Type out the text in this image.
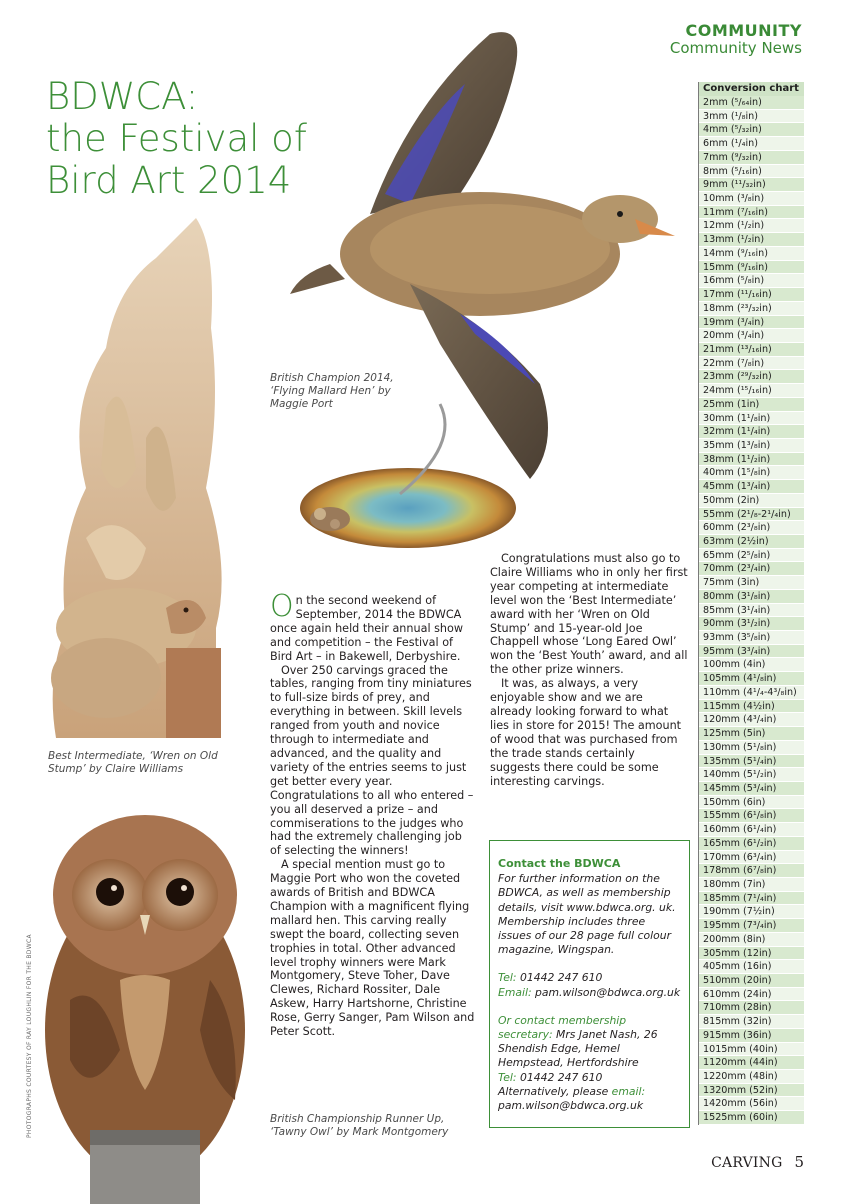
COMMUNITY
Community News
BDWCA:
the Festival of
Bird Art 2014
British Champion 2014, ‘Flying Mallard Hen’ by Maggie Port
Best Intermediate, ‘Wren on Old Stump’ by Claire Williams
British Championship Runner Up, ‘Tawny Owl’ by Mark Montgomery
PHOTOGRAPHS COURTESY OF RAY LOUGHLIN FOR THE BDWCA

On the second weekend of September, 2014 the BDWCA once again held their annual show and competition – the Festival of Bird Art – in Bakewell, Derbyshire.

Over 250 carvings graced the tables, ranging from tiny miniatures to full-size birds of prey, and everything in between. Skill levels ranged from youth and novice through to intermediate and advanced, and the quality and variety of the entries seems to just get better every year. Congratulations to all who entered – you all deserved a prize – and commiserations to the judges who had the extremely challenging job of selecting the winners!

A special mention must go to Maggie Port who won the coveted awards of British and BDWCA Champion with a magnificent flying mallard hen. This carving really swept the board, collecting seven trophies in total. Other advanced level trophy winners were Mark Montgomery, Steve Toher, Dave Clewes, Richard Rossiter, Dale Askew, Harry Hartshorne, Christine Rose, Gerry Sanger, Pam Wilson and Peter Scott.

Congratulations must also go to Claire Williams who in only her first year competing at intermediate level won the ‘Best Intermediate’ award with her ‘Wren on Old Stump’ and 15-year-old Joe Chappell whose ‘Long Eared Owl’ won the ‘Best Youth’ award, and all the other prize winners.

It was, as always, a very enjoyable show and we are already looking forward to what lies in store for 2015! The amount of wood that was purchased from the trade stands certainly suggests there could be some interesting carvings.

Contact the BDWCA
For further information on the BDWCA, as well as membership details, visit www.bdwca.org. uk. Membership includes three issues of our 28 page full colour magazine, Wingspan.
Tel: 01442 247 610
Email: pam.wilson@bdwca.org.uk
Or contact membership secretary: Mrs Janet Nash, 26 Shendish Edge, Hemel Hempstead, Hertfordshire
Tel: 01442 247 610
Alternatively, please email:
pam.wilson@bdwca.org.uk
Conversion chart
2mm (⁵/₆₄in)
3mm (¹/₈in)
4mm (⁵/₃₂in)
6mm (¹/₄in)
7mm (⁹/₃₂in)
8mm (⁵/₁₆in)
9mm (¹¹/₃₂in)
10mm (³/₈in)
11mm (⁷/₁₆in)
12mm (¹/₂in)
13mm (¹/₂in)
14mm (⁹/₁₆in)
15mm (⁹/₁₆in)
16mm (⁵/₈in)
17mm (¹¹/₁₆in)
18mm (²³/₃₂in)
19mm (³/₄in)
20mm (³/₄in)
21mm (¹³/₁₆in)
22mm (⁷/₈in)
23mm (²⁹/₃₂in)
24mm (¹⁵/₁₆in)
25mm (1in)
30mm (1¹/₈in)
32mm (1¹/₄in)
35mm (1³/₈in)
38mm (1¹/₂in)
40mm (1⁵/₈in)
45mm (1³/₄in)
50mm (2in)
55mm (2¹/₈-2¹/₄in)
60mm (2³/₈in)
63mm (2½in)
65mm (2⁵/₈in)
70mm (2³/₄in)
75mm (3in)
80mm (3¹/₈in)
85mm (3¹/₄in)
90mm (3¹/₂in)
93mm (3⁵/₈in)
95mm (3³/₄in)
100mm (4in)
105mm (4¹/₈in)
110mm (4¹/₄-4³/₈in)
115mm (4½in)
120mm (4³/₄in)
125mm (5in)
130mm (5¹/₈in)
135mm (5¹/₄in)
140mm (5¹/₂in)
145mm (5³/₄in)
150mm (6in)
155mm (6¹/₈in)
160mm (6¹/₄in)
165mm (6¹/₂in)
170mm (6³/₄in)
178mm (6⁷/₈in)
180mm (7in)
185mm (7¹/₄in)
190mm (7½in)
195mm (7³/₄in)
200mm (8in)
305mm (12in)
405mm (16in)
510mm (20in)
610mm (24in)
710mm (28in)
815mm (32in)
915mm (36in)
1015mm (40in)
1120mm (44in)
1220mm (48in)
1320mm (52in)
1420mm (56in)
1525mm (60in)
CARVING 5
